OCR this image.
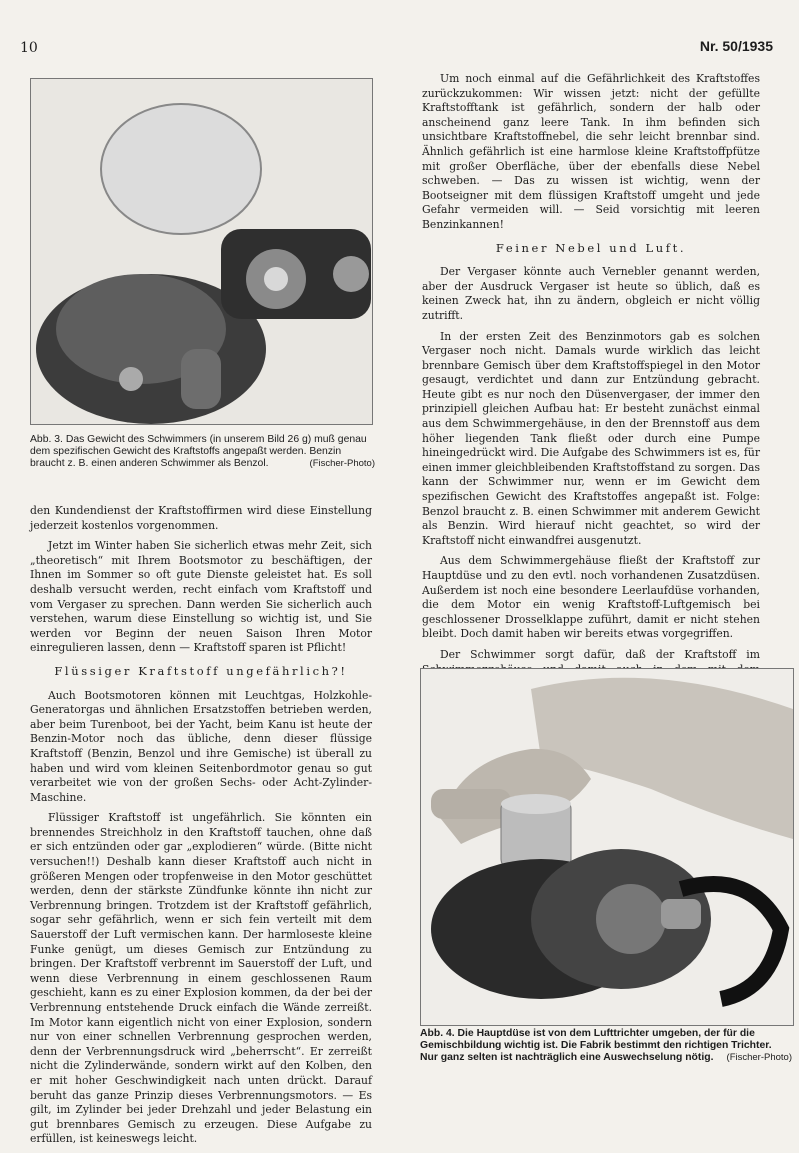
10	Nr. 50/1935
Abb. 3. Das Gewicht des Schwimmers (in unserem Bild 26 g) muß genau dem spezifischen Gewicht des Kraftstoffs angepaßt werden. Benzin braucht z. B. einen anderen Schwimmer als Benzol.	(Fischer-Photo)

den Kundendienst der Kraftstoffirmen wird diese Einstellung jederzeit kostenlos vorgenommen.

Jetzt im Winter haben Sie sicherlich etwas mehr Zeit, sich „theoretisch“ mit Ihrem Bootsmotor zu beschäftigen, der Ihnen im Sommer so oft gute Dienste geleistet hat. Es soll deshalb versucht werden, recht einfach vom Kraftstoff und vom Vergaser zu sprechen. Dann werden Sie sicherlich auch verstehen, warum diese Einstellung so wichtig ist, und Sie werden vor Beginn der neuen Saison Ihren Motor einregulieren lassen, denn — Kraftstoff sparen ist Pflicht!

Flüssiger Kraftstoff ungefährlich?!

Auch Bootsmotoren können mit Leuchtgas, Holzkohle-Generatorgas und ähnlichen Ersatzstoffen betrieben werden, aber beim Turenboot, bei der Yacht, beim Kanu ist heute der Benzin-Motor noch das übliche, denn dieser flüssige Kraftstoff (Benzin, Benzol und ihre Gemische) ist überall zu haben und wird vom kleinen Seitenbordmotor genau so gut verarbeitet wie von der großen Sechs- oder Acht-Zylinder-Maschine.

Flüssiger Kraftstoff ist ungefährlich. Sie könnten ein brennendes Streichholz in den Kraftstoff tauchen, ohne daß er sich entzünden oder gar „explodieren“ würde. (Bitte nicht versuchen!!) Deshalb kann dieser Kraftstoff auch nicht in größeren Mengen oder tropfenweise in den Motor geschüttet werden, denn der stärkste Zündfunke könnte ihn nicht zur Verbrennung bringen. Trotzdem ist der Kraftstoff gefährlich, sogar sehr gefährlich, wenn er sich fein verteilt mit dem Sauerstoff der Luft vermischen kann. Der harmloseste kleine Funke genügt, um dieses Gemisch zur Entzündung zu bringen. Der Kraftstoff verbrennt im Sauerstoff der Luft, und wenn diese Verbrennung in einem geschlossenen Raum geschieht, kann es zu einer Explosion kommen, da der bei der Verbrennung entstehende Druck einfach die Wände zerreißt. Im Motor kann eigentlich nicht von einer Explosion, sondern nur von einer schnellen Verbrennung gesprochen werden, denn der Verbrennungsdruck wird „beherrscht“. Er zerreißt nicht die Zylinderwände, sondern wirkt auf den Kolben, den er mit hoher Geschwindigkeit nach unten drückt. Darauf beruht das ganze Prinzip dieses Verbrennungsmotors. — Es gilt, im Zylinder bei jeder Drehzahl und jeder Belastung ein gut brennbares Gemisch zu erzeugen. Diese Aufgabe zu erfüllen, ist keineswegs leicht.

Um noch einmal auf die Gefährlichkeit des Kraftstoffes zurückzukommen: Wir wissen jetzt: nicht der gefüllte Kraftstofftank ist gefährlich, sondern der halb oder anscheinend ganz leere Tank. In ihm befinden sich unsichtbare Kraftstoffnebel, die sehr leicht brennbar sind. Ähnlich gefährlich ist eine harmlose kleine Kraftstoffpfütze mit großer Oberfläche, über der ebenfalls diese Nebel schweben. — Das zu wissen ist wichtig, wenn der Bootseigner mit dem flüssigen Kraftstoff umgeht und jede Gefahr vermeiden will. — Seid vorsichtig mit leeren Benzinkannen!

Feiner Nebel und Luft.

Der Vergaser könnte auch Vernebler genannt werden, aber der Ausdruck Vergaser ist heute so üblich, daß es keinen Zweck hat, ihn zu ändern, obgleich er nicht völlig zutrifft.

In der ersten Zeit des Benzinmotors gab es solchen Vergaser noch nicht. Damals wurde wirklich das leicht brennbare Gemisch über dem Kraftstoffspiegel in den Motor gesaugt, verdichtet und dann zur Entzündung gebracht. Heute gibt es nur noch den Düsenvergaser, der immer den prinzipiell gleichen Aufbau hat: Er besteht zunächst einmal aus dem Schwimmergehäuse, in den der Brennstoff aus dem höher liegenden Tank fließt oder durch eine Pumpe hineingedrückt wird. Die Aufgabe des Schwimmers ist es, für einen immer gleichbleibenden Kraftstoffstand zu sorgen. Das kann der Schwimmer nur, wenn er im Gewicht dem spezifischen Gewicht des Kraftstoffes angepaßt ist. Folge: Benzol braucht z. B. einen Schwimmer mit anderem Gewicht als Benzin. Wird hierauf nicht geachtet, so wird der Kraftstoff nicht einwandfrei ausgenutzt.

Aus dem Schwimmergehäuse fließt der Kraftstoff zur Hauptdüse und zu den evtl. noch vorhandenen Zusatzdüsen. Außerdem ist noch eine besondere Leerlaufdüse vorhanden, die dem Motor ein wenig Kraftstoff-Luftgemisch bei geschlossener Drosselklappe zuführt, damit er nicht stehen bleibt. Doch damit haben wir bereits etwas vorgegriffen.

Der Schwimmer sorgt dafür, daß der Kraftstoff im

Abb. 4. Die Hauptdüse ist von dem Lufttrichter umgeben, der für die Gemischbildung wichtig ist. Die Fabrik bestimmt den richtigen Trichter. Nur ganz selten ist nachträglich eine Auswechselung nötig. (Fischer-Photo)
